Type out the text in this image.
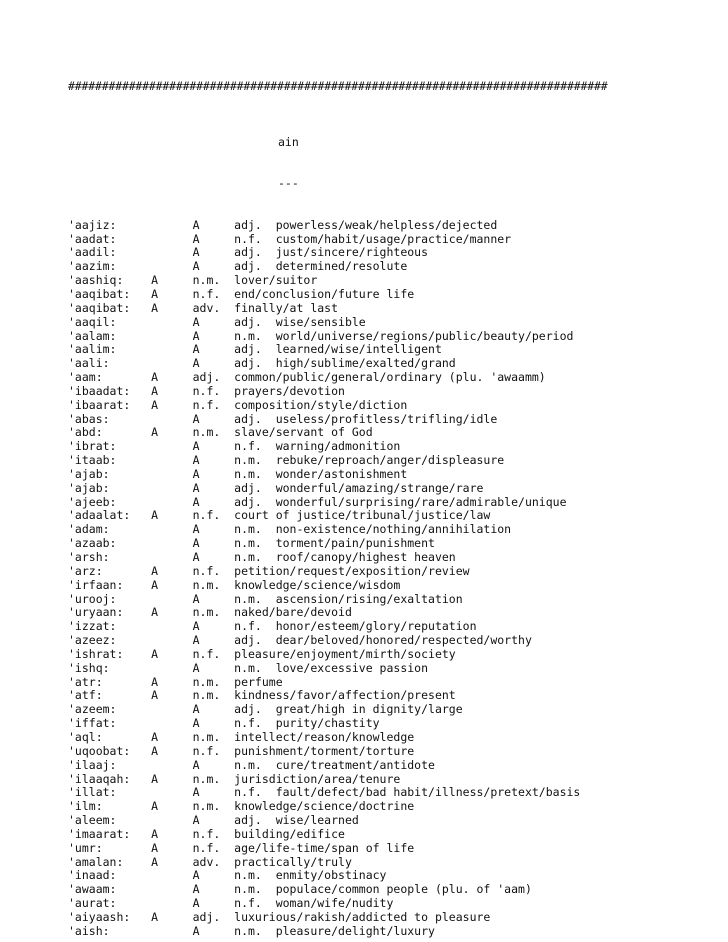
################################################################################

ain

---

'aajiz:           A     adj.  powerless/weak/helpless/dejected
'aadat:           A     n.f.  custom/habit/usage/practice/manner
'aadil:           A     adj.  just/sincere/righteous
'aazim:           A     adj.  determined/resolute
'aashiq:    A     n.m.  lover/suitor
'aaqibat:   A     n.f.  end/conclusion/future life
'aaqibat:   A     adv.  finally/at last
'aaqil:           A     adj.  wise/sensible
'aalam:           A     n.m.  world/universe/regions/public/beauty/period
'aalim:           A     adj.  learned/wise/intelligent
'aali:            A     adj.  high/sublime/exalted/grand
'aam:       A     adj.  common/public/general/ordinary (plu. 'awaamm)
'ibaadat:   A     n.f.  prayers/devotion
'ibaarat:   A     n.f.  composition/style/diction
'abas:            A     adj.  useless/profitless/trifling/idle
'abd:       A     n.m.  slave/servant of God
'ibrat:           A     n.f.  warning/admonition
'itaab:           A     n.m.  rebuke/reproach/anger/displeasure
'ajab:            A     n.m.  wonder/astonishment
'ajab:            A     adj.  wonderful/amazing/strange/rare
'ajeeb:           A     adj.  wonderful/surprising/rare/admirable/unique
'adaalat:   A     n.f.  court of justice/tribunal/justice/law
'adam:            A     n.m.  non-existence/nothing/annihilation
'azaab:           A     n.m.  torment/pain/punishment
'arsh:            A     n.m.  roof/canopy/highest heaven
'arz:       A     n.f.  petition/request/exposition/review
'irfaan:    A     n.m.  knowledge/science/wisdom
'urooj:           A     n.m.  ascension/rising/exaltation
'uryaan:    A     n.m.  naked/bare/devoid
'izzat:           A     n.f.  honor/esteem/glory/reputation
'azeez:           A     adj.  dear/beloved/honored/respected/worthy
'ishrat:    A     n.f.  pleasure/enjoyment/mirth/society
'ishq:            A     n.m.  love/excessive passion
'atr:       A     n.m.  perfume
'atf:       A     n.m.  kindness/favor/affection/present
'azeem:           A     adj.  great/high in dignity/large
'iffat:           A     n.f.  purity/chastity
'aql:       A     n.m.  intellect/reason/knowledge
'uqoobat:   A     n.f.  punishment/torment/torture
'ilaaj:           A     n.m.  cure/treatment/antidote
'ilaaqah:   A     n.m.  jurisdiction/area/tenure
'illat:           A     n.f.  fault/defect/bad habit/illness/pretext/basis
'ilm:       A     n.m.  knowledge/science/doctrine
'aleem:           A     adj.  wise/learned
'imaarat:   A     n.f.  building/edifice
'umr:       A     n.f.  age/life-time/span of life
'amalan:    A     adv.  practically/truly
'inaad:           A     n.m.  enmity/obstinacy
'awaam:           A     n.m.  populace/common people (plu. of 'aam)
'aurat:           A     n.f.  woman/wife/nudity
'aiyaash:   A     adj.  luxurious/rakish/addicted to pleasure
'aish:            A     n.m.  pleasure/delight/luxury
